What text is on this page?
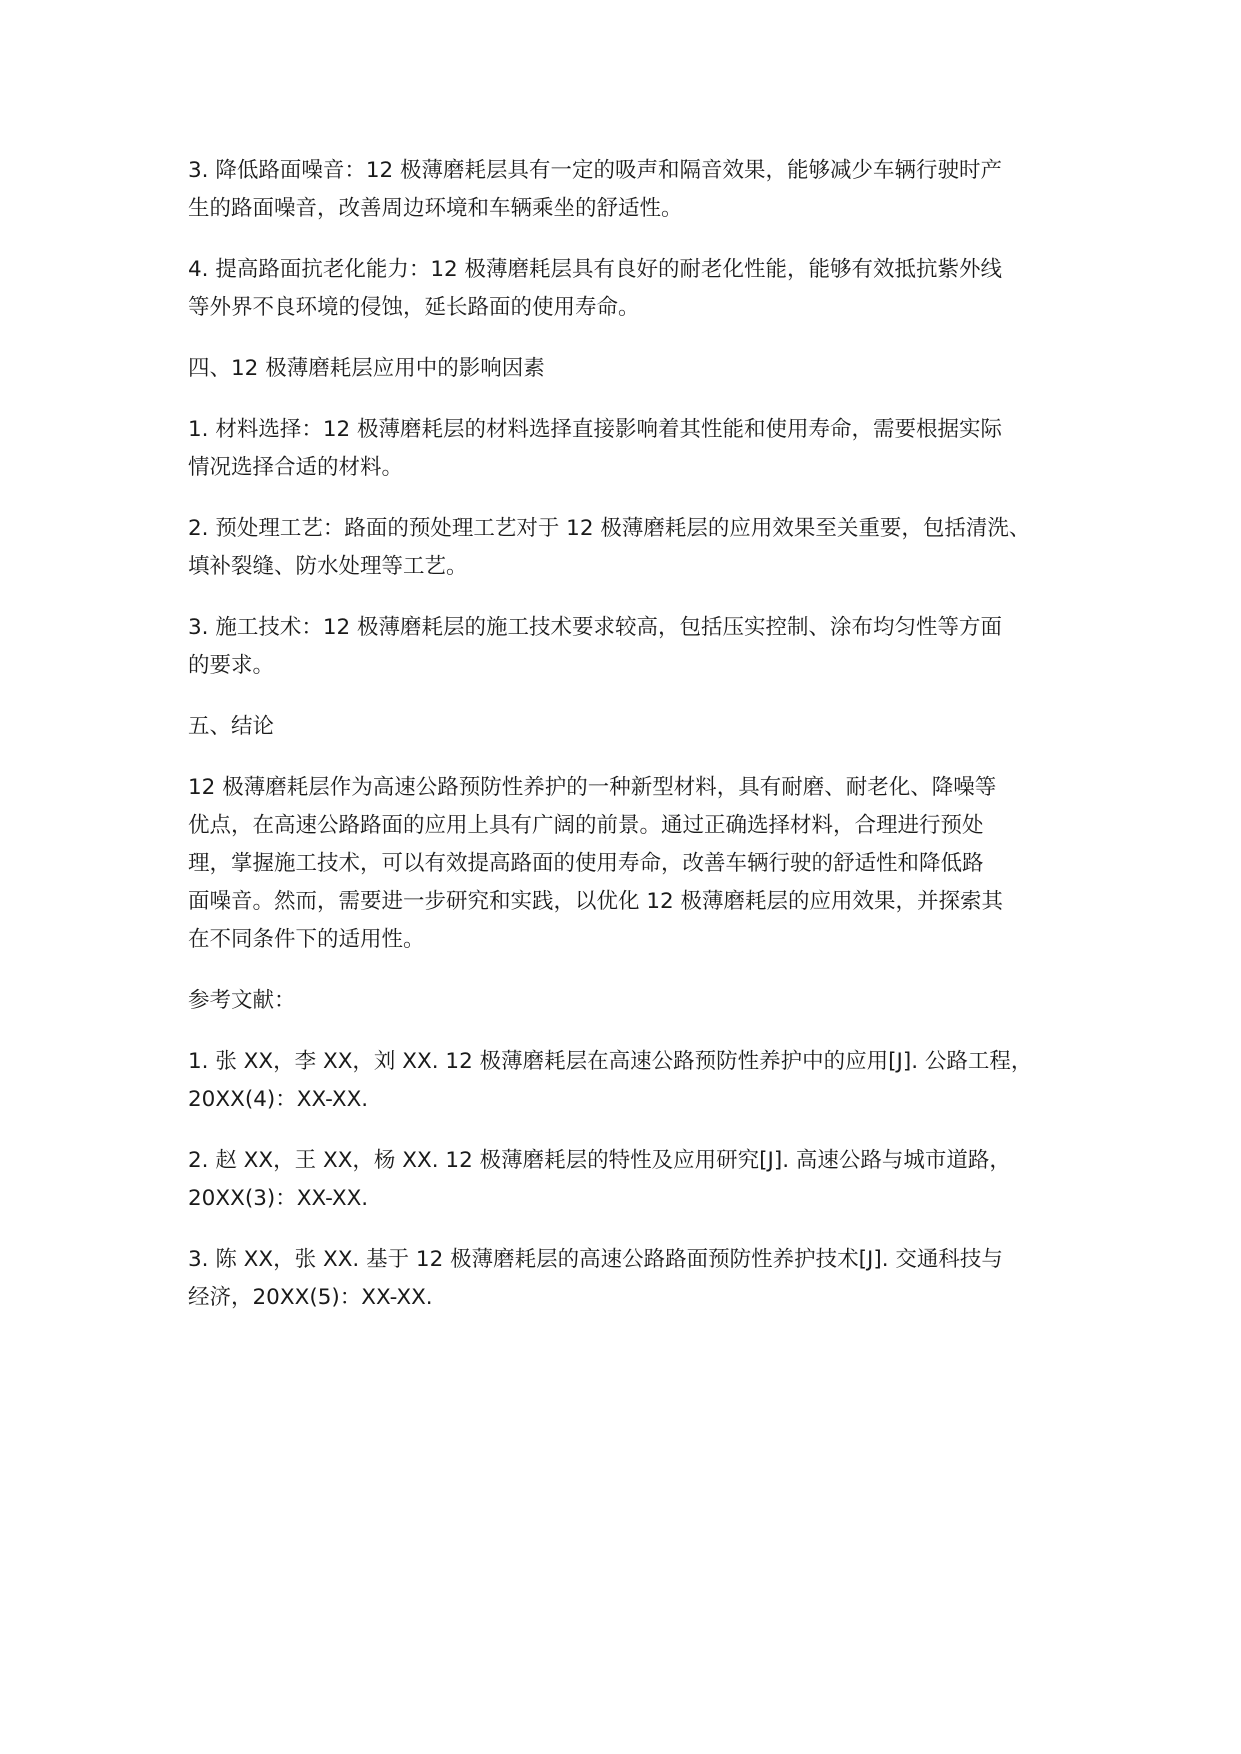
3. 降低路面噪音：12 极薄磨耗层具有一定的吸声和隔音效果，能够减少车辆行驶时产
生的路面噪音，改善周边环境和车辆乘坐的舒适性。

4. 提高路面抗老化能力：12 极薄磨耗层具有良好的耐老化性能，能够有效抵抗紫外线
等外界不良环境的侵蚀，延长路面的使用寿命。

四、12 极薄磨耗层应用中的影响因素

1. 材料选择：12 极薄磨耗层的材料选择直接影响着其性能和使用寿命，需要根据实际
情况选择合适的材料。

2. 预处理工艺：路面的预处理工艺对于 12 极薄磨耗层的应用效果至关重要，包括清洗、
填补裂缝、防水处理等工艺。

3. 施工技术：12 极薄磨耗层的施工技术要求较高，包括压实控制、涂布均匀性等方面
的要求。

五、结论

12 极薄磨耗层作为高速公路预防性养护的一种新型材料，具有耐磨、耐老化、降噪等
优点，在高速公路路面的应用上具有广阔的前景。通过正确选择材料，合理进行预处
理，掌握施工技术，可以有效提高路面的使用寿命，改善车辆行驶的舒适性和降低路
面噪音。然而，需要进一步研究和实践，以优化 12 极薄磨耗层的应用效果，并探索其
在不同条件下的适用性。

参考文献：

1. 张 XX，李 XX，刘 XX. 12 极薄磨耗层在高速公路预防性养护中的应用[J]. 公路工程，
20XX(4)：XX-XX.

2. 赵 XX，王 XX，杨 XX. 12 极薄磨耗层的特性及应用研究[J]. 高速公路与城市道路，
20XX(3)：XX-XX.

3. 陈 XX，张 XX. 基于 12 极薄磨耗层的高速公路路面预防性养护技术[J]. 交通科技与
经济，20XX(5)：XX-XX.
